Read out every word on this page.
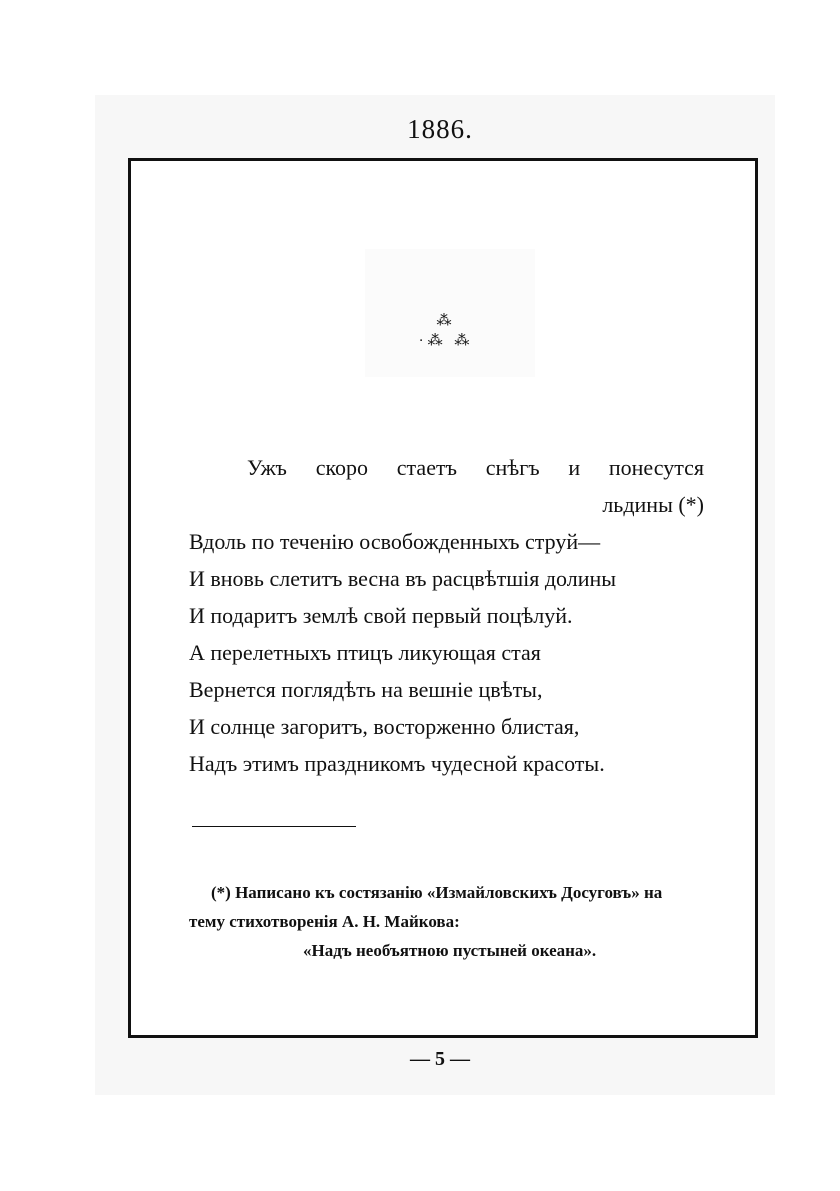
1886.
⁂
·⁂ ⁂
Ужъ скоро стаетъ снѣгъ и понесутся
льдины (*)
Вдоль по теченію освобожденныхъ струй—
И вновь слетитъ весна въ расцвѣтшія долины
И подаритъ землѣ свой первый поцѣлуй.
А перелетныхъ птицъ ликующая стая
Вернется поглядѣть на вешніе цвѣты,
И солнце загоритъ, восторженно блистая,
Надъ этимъ праздникомъ чудесной красоты.
(*) Написано къ состязанію «Измайловскихъ Досуговъ» на
тему стихотворенія А. Н. Майкова:
«Надъ необъятною пустыней океана».
— 5 —
